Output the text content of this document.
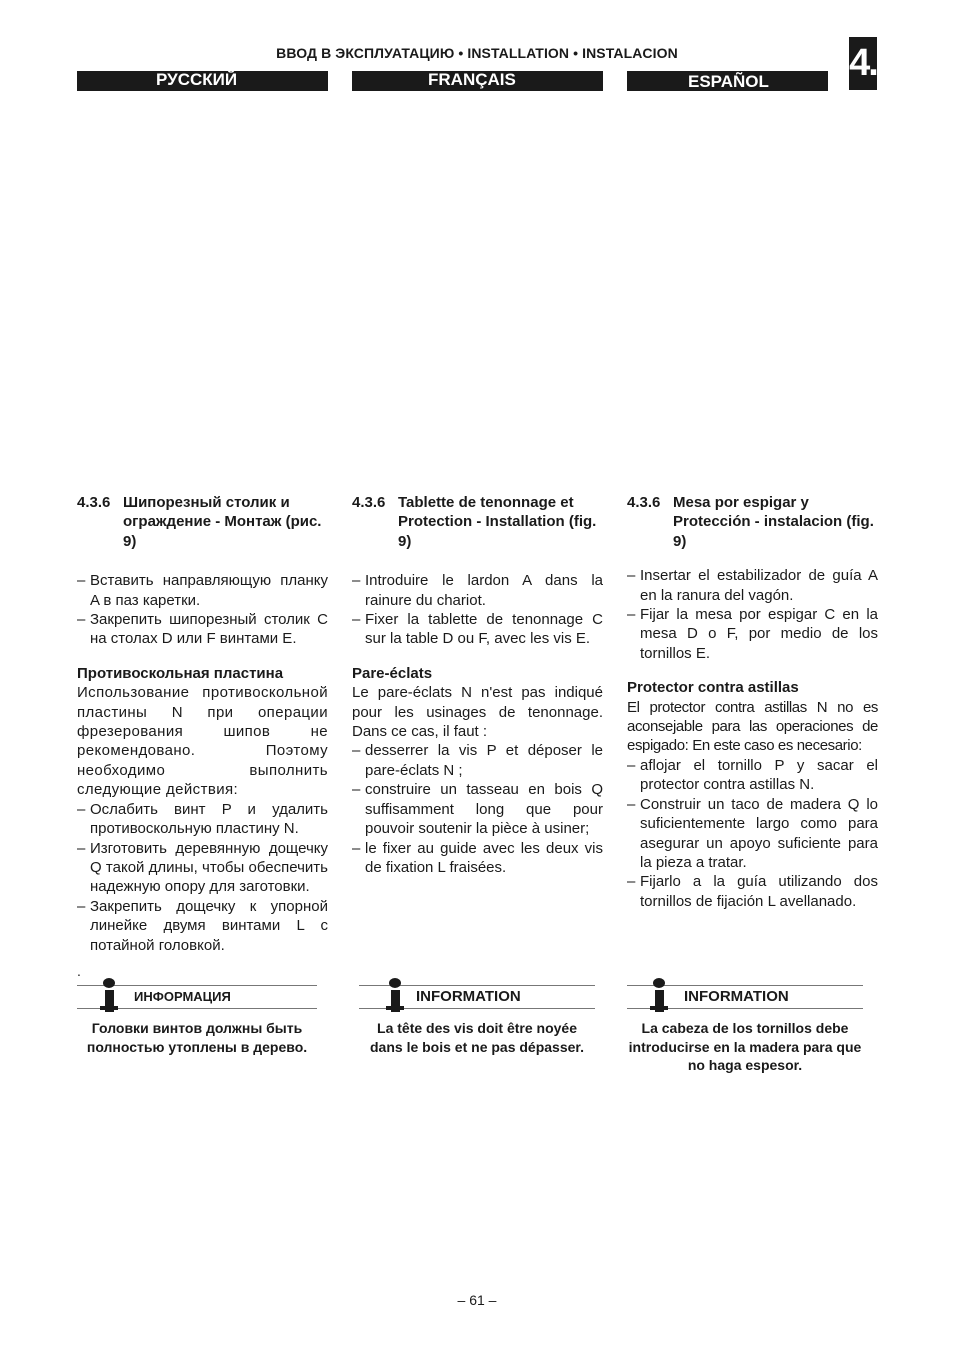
ВВОД В ЭКСПЛУАТАЦИЮ • INSTALLATION • INSTALACION	4.
РУССКИЙ	FRANÇAIS	ESPAÑOL
4.3.6 Шипорезный столик и ограждение - Монтаж (рис. 9)
– Вставить направляющую планку A в паз каретки.
– Закрепить шипорезный столик C на столах D или F винтами E.
Противоскольная пластина

Использование противоскольной пластины N при операции фрезерования шипов не рекомендовано. Поэтому необходимо выполнить следующие действия:

– Ослабить винт P и удалить противоскольную пластину N.
– Изготовить деревянную дощечку Q такой длины, чтобы обеспечить надежную опору для заготовки.
– Закрепить дощечку к упорной линейке двумя винтами L с потайной головкой.
.
4.3.6 Tablette de tenonnage et Protection - Installation (fig. 9)
– Introduire le lardon A dans la rainure du chariot.
– Fixer la tablette de tenonnage C sur la table D ou F, avec les vis E.
Pare-éclats

Le pare-éclats N n'est pas indiqué pour les usinages de tenonnage. Dans ce cas, il faut :

– desserrer la vis P et déposer le pare-éclats N ;
– construire un tasseau en bois Q suffisamment long que pour pouvoir soutenir la pièce à usiner;
– le fixer au guide avec les deux vis de fixation L fraisées.
4.3.6 Mesa por espigar y Protección - instalacion (fig. 9)
– Insertar el estabilizador de guía A en la ranura del vagón.
– Fijar la mesa por espigar C en la mesa D o F, por medio de los tornillos E.
Protector contra astillas

El protector contra astillas N no es aconsejable para las operaciones de espigado: En este caso es necesario:

– aflojar el tornillo P y sacar el protector contra astillas N.
– Construir un taco de madera Q lo suficientemente largo como para asegurar un apoyo suficiente para la pieza a tratar.
– Fijarlo a la guía utilizando dos tornillos de fijación L avellanado.
ИНФОРМАЦИЯ
Головки винтов должны быть полностью утоплены в дерево.
INFORMATION
La tête des vis doit être noyée dans le bois et ne pas dépasser.
INFORMATION
La cabeza de los tornillos debe introducirse en la madera para que no haga espesor.
– 61 –
